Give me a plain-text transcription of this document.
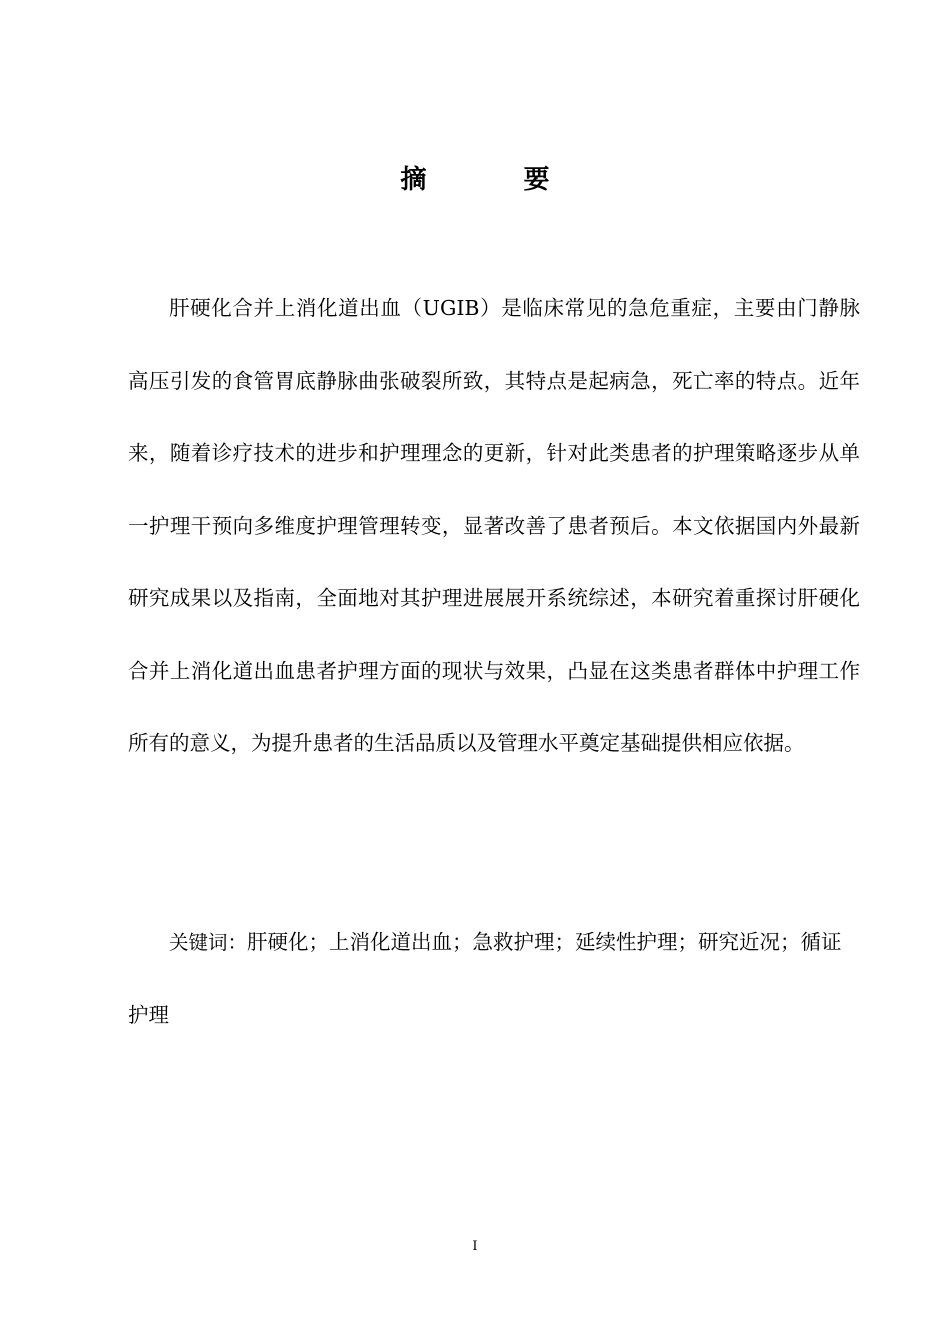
摘 要

肝硬化合并上消化道出血（UGIB）是临床常见的急危重症，主要由门静脉高压引发的食管胃底静脉曲张破裂所致，其特点是起病急，死亡率的特点。近年来，随着诊疗技术的进步和护理理念的更新，针对此类患者的护理策略逐步从单一护理干预向多维度护理管理转变，显著改善了患者预后。本文依据国内外最新研究成果以及指南，全面地对其护理进展展开系统综述，本研究着重探讨肝硬化合并上消化道出血患者护理方面的现状与效果，凸显在这类患者群体中护理工作所有的意义，为提升患者的生活品质以及管理水平奠定基础提供相应依据。

关键词：肝硬化；上消化道出血；急救护理；延续性护理；研究近况；循证护理

I
